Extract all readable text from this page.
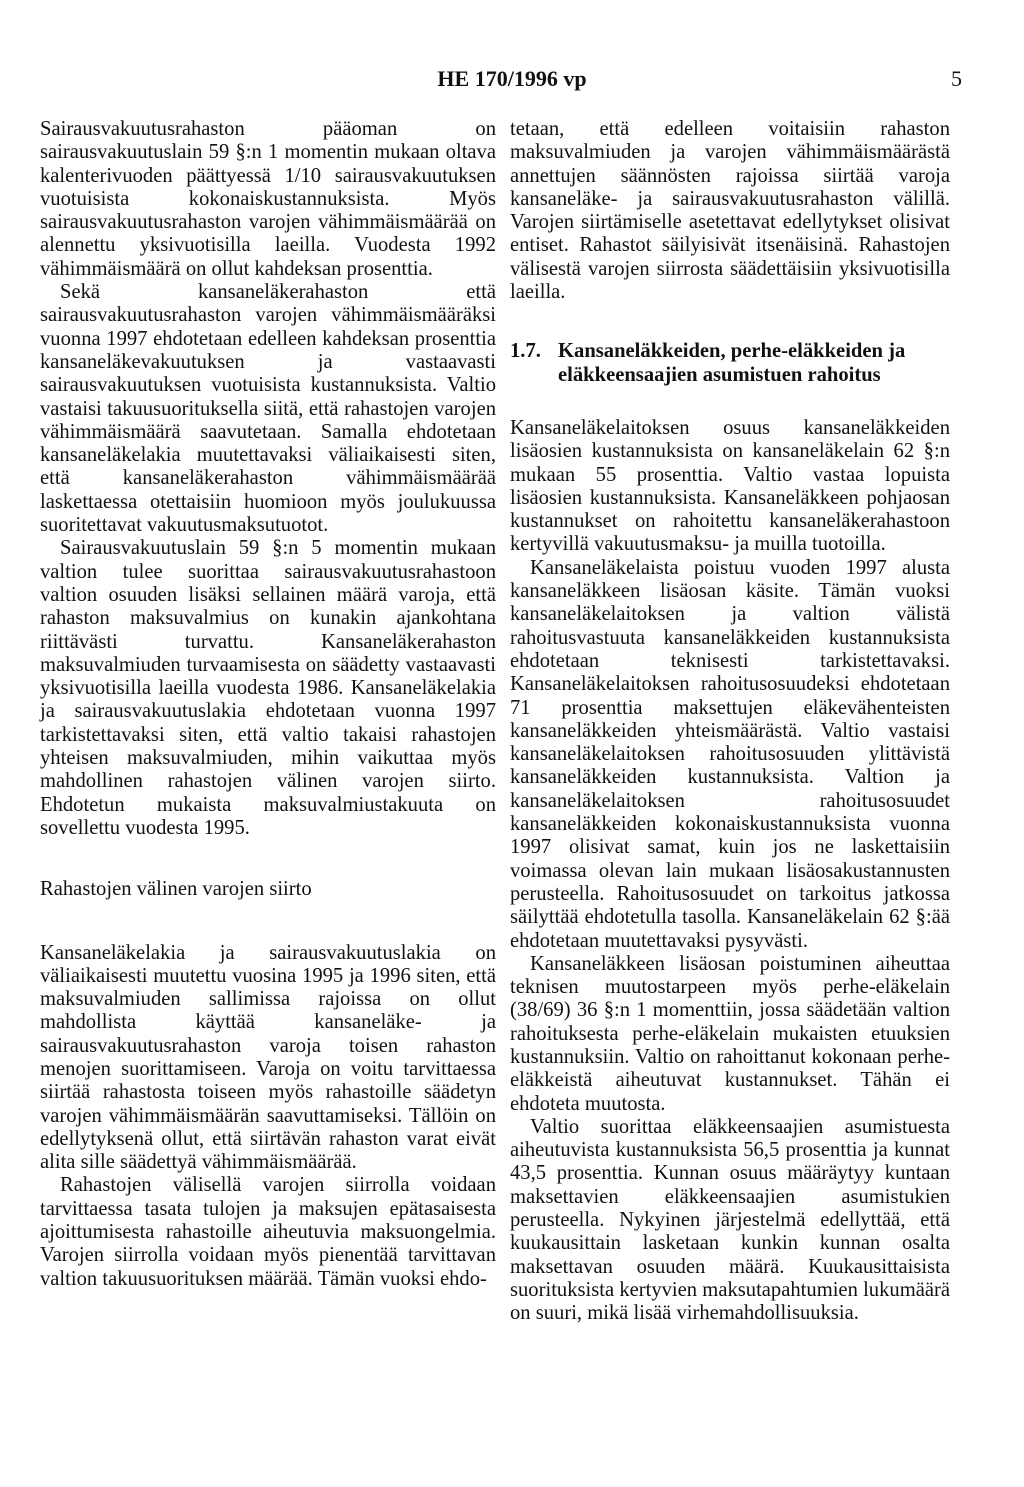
HE 170/1996 vp	5

Sairausvakuutusrahaston pääoman on sairausvakuutuslain 59 §:n 1 momentin mukaan oltava kalenterivuoden päättyessä 1/10 sairausvakuutuksen vuotuisista kokonaiskustannuksista. Myös sairausvakuutusrahaston varojen vähimmäismäärää on alennettu yksivuotisilla laeilla. Vuodesta 1992 vähimmäismäärä on ollut kahdeksan prosenttia.

Sekä kansaneläkerahaston että sairausvakuutusrahaston varojen vähimmäismääräksi vuonna 1997 ehdotetaan edelleen kahdeksan prosenttia kansaneläkevakuutuksen ja vastaavasti sairausvakuutuksen vuotuisista kustannuksista. Valtio vastaisi takuusuorituksella siitä, että rahastojen varojen vähimmäismäärä saavutetaan. Samalla ehdotetaan kansaneläkelakia muutettavaksi väliaikaisesti siten, että kansaneläkerahaston vähimmäismäärää laskettaessa otettaisiin huomioon myös joulukuussa suoritettavat vakuutusmaksutuotot.

Sairausvakuutuslain 59 §:n 5 momentin mukaan valtion tulee suorittaa sairausvakuutusrahastoon valtion osuuden lisäksi sellainen määrä varoja, että rahaston maksuvalmius on kunakin ajankohtana riittävästi turvattu. Kansaneläkerahaston maksuvalmiuden turvaamisesta on säädetty vastaavasti yksivuotisilla laeilla vuodesta 1986. Kansaneläkelakia ja sairausvakuutuslakia ehdotetaan vuonna 1997 tarkistettavaksi siten, että valtio takaisi rahastojen yhteisen maksuvalmiuden, mihin vaikuttaa myös mahdollinen rahastojen välinen varojen siirto. Ehdotetun mukaista maksuvalmiustakuuta on sovellettu vuodesta 1995.

Rahastojen välinen varojen siirto

Kansaneläkelakia ja sairausvakuutuslakia on väliaikaisesti muutettu vuosina 1995 ja 1996 siten, että maksuvalmiuden sallimissa rajoissa on ollut mahdollista käyttää kansaneläke- ja sairausvakuutusrahaston varoja toisen rahaston menojen suorittamiseen. Varoja on voitu tarvittaessa siirtää rahastosta toiseen myös rahastoille säädetyn varojen vähimmäismäärän saavuttamiseksi. Tällöin on edellytyksenä ollut, että siirtävän rahaston varat eivät alita sille säädettyä vähimmäismäärää.

Rahastojen välisellä varojen siirrolla voidaan tarvittaessa tasata tulojen ja maksujen epätasaisesta ajoittumisesta rahastoille aiheutuvia maksuongelmia. Varojen siirrolla voidaan myös pienentää tarvittavan valtion takuusuorituksen määrää. Tämän vuoksi ehdo-

tetaan, että edelleen voitaisiin rahaston maksuvalmiuden ja varojen vähimmäismäärästä annettujen säännösten rajoissa siirtää varoja kansaneläke- ja sairausvakuutusrahaston välillä. Varojen siirtämiselle asetettavat edellytykset olisivat entiset. Rahastot säilyisivät itsenäisinä. Rahastojen välisestä varojen siirrosta säädettäisiin yksivuotisilla laeilla.

1.7. Kansaneläkkeiden, perhe-eläkkeiden ja eläkkeensaajien asumistuen rahoitus

Kansaneläkelaitoksen osuus kansaneläkkeiden lisäosien kustannuksista on kansaneläkelain 62 §:n mukaan 55 prosenttia. Valtio vastaa lopuista lisäosien kustannuksista. Kansaneläkkeen pohjaosan kustannukset on rahoitettu kansaneläkerahastoon kertyvillä vakuutusmaksu- ja muilla tuotoilla.

Kansaneläkelaista poistuu vuoden 1997 alusta kansaneläkkeen lisäosan käsite. Tämän vuoksi kansaneläkelaitoksen ja valtion välistä rahoitusvastuuta kansaneläkkeiden kustannuksista ehdotetaan teknisesti tarkistettavaksi. Kansaneläkelaitoksen rahoitusosuudeksi ehdotetaan 71 prosenttia maksettujen eläkevähenteisten kansaneläkkeiden yhteismäärästä. Valtio vastaisi kansaneläkelaitoksen rahoitusosuuden ylittävistä kansaneläkkeiden kustannuksista. Valtion ja kansaneläkelaitoksen rahoitusosuudet kansaneläkkeiden kokonaiskustannuksista vuonna 1997 olisivat samat, kuin jos ne laskettaisiin voimassa olevan lain mukaan lisäosakustannusten perusteella. Rahoitusosuudet on tarkoitus jatkossa säilyttää ehdotetulla tasolla. Kansaneläkelain 62 §:ää ehdotetaan muutettavaksi pysyvästi.

Kansaneläkkeen lisäosan poistuminen aiheuttaa teknisen muutostarpeen myös perhe-eläkelain (38/69) 36 §:n 1 momenttiin, jossa säädetään valtion rahoituksesta perhe-eläkelain mukaisten etuuksien kustannuksiin. Valtio on rahoittanut kokonaan perhe-eläkkeistä aiheutuvat kustannukset. Tähän ei ehdoteta muutosta.

Valtio suorittaa eläkkeensaajien asumistuesta aiheutuvista kustannuksista 56,5 prosenttia ja kunnat 43,5 prosenttia. Kunnan osuus määräytyy kuntaan maksettavien eläkkeensaajien asumistukien perusteella. Nykyinen järjestelmä edellyttää, että kuukausittain lasketaan kunkin kunnan osalta maksettavan osuuden määrä. Kuukausittaisista suorituksista kertyvien maksutapahtumien lukumäärä on suuri, mikä lisää virhemahdollisuuksia.
